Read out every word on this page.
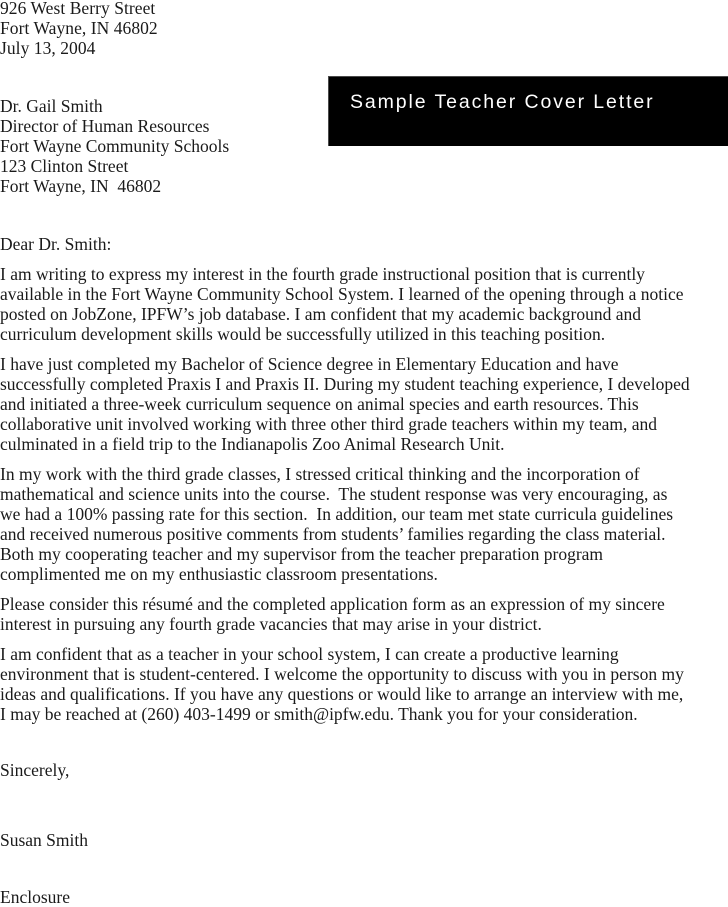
926 West Berry Street
Fort Wayne, IN 46802
July 13, 2004
Sample Teacher Cover Letter
Dr. Gail Smith
Director of Human Resources
Fort Wayne Community Schools
123 Clinton Street
Fort Wayne, IN  46802

Dear Dr. Smith:

I am writing to express my interest in the fourth grade instructional position that is currently available in the Fort Wayne Community School System. I learned of the opening through a notice posted on JobZone, IPFW’s job database. I am confident that my academic background and curriculum development skills would be successfully utilized in this teaching position.

I have just completed my Bachelor of Science degree in Elementary Education and have successfully completed Praxis I and Praxis II. During my student teaching experience, I developed and initiated a three-week curriculum sequence on animal species and earth resources. This collaborative unit involved working with three other third grade teachers within my team, and culminated in a field trip to the Indianapolis Zoo Animal Research Unit.

In my work with the third grade classes, I stressed critical thinking and the incorporation of mathematical and science units into the course.  The student response was very encouraging, as we had a 100% passing rate for this section.  In addition, our team met state curricula guidelines and received numerous positive comments from students’ families regarding the class material. Both my cooperating teacher and my supervisor from the teacher preparation program complimented me on my enthusiastic classroom presentations.

Please consider this résumé and the completed application form as an expression of my sincere interest in pursuing any fourth grade vacancies that may arise in your district.

I am confident that as a teacher in your school system, I can create a productive learning environment that is student-centered. I welcome the opportunity to discuss with you in person my ideas and qualifications. If you have any questions or would like to arrange an interview with me, I may be reached at (260) 403-1499 or smith@ipfw.edu. Thank you for your consideration.

Sincerely,
Susan Smith
Enclosure
